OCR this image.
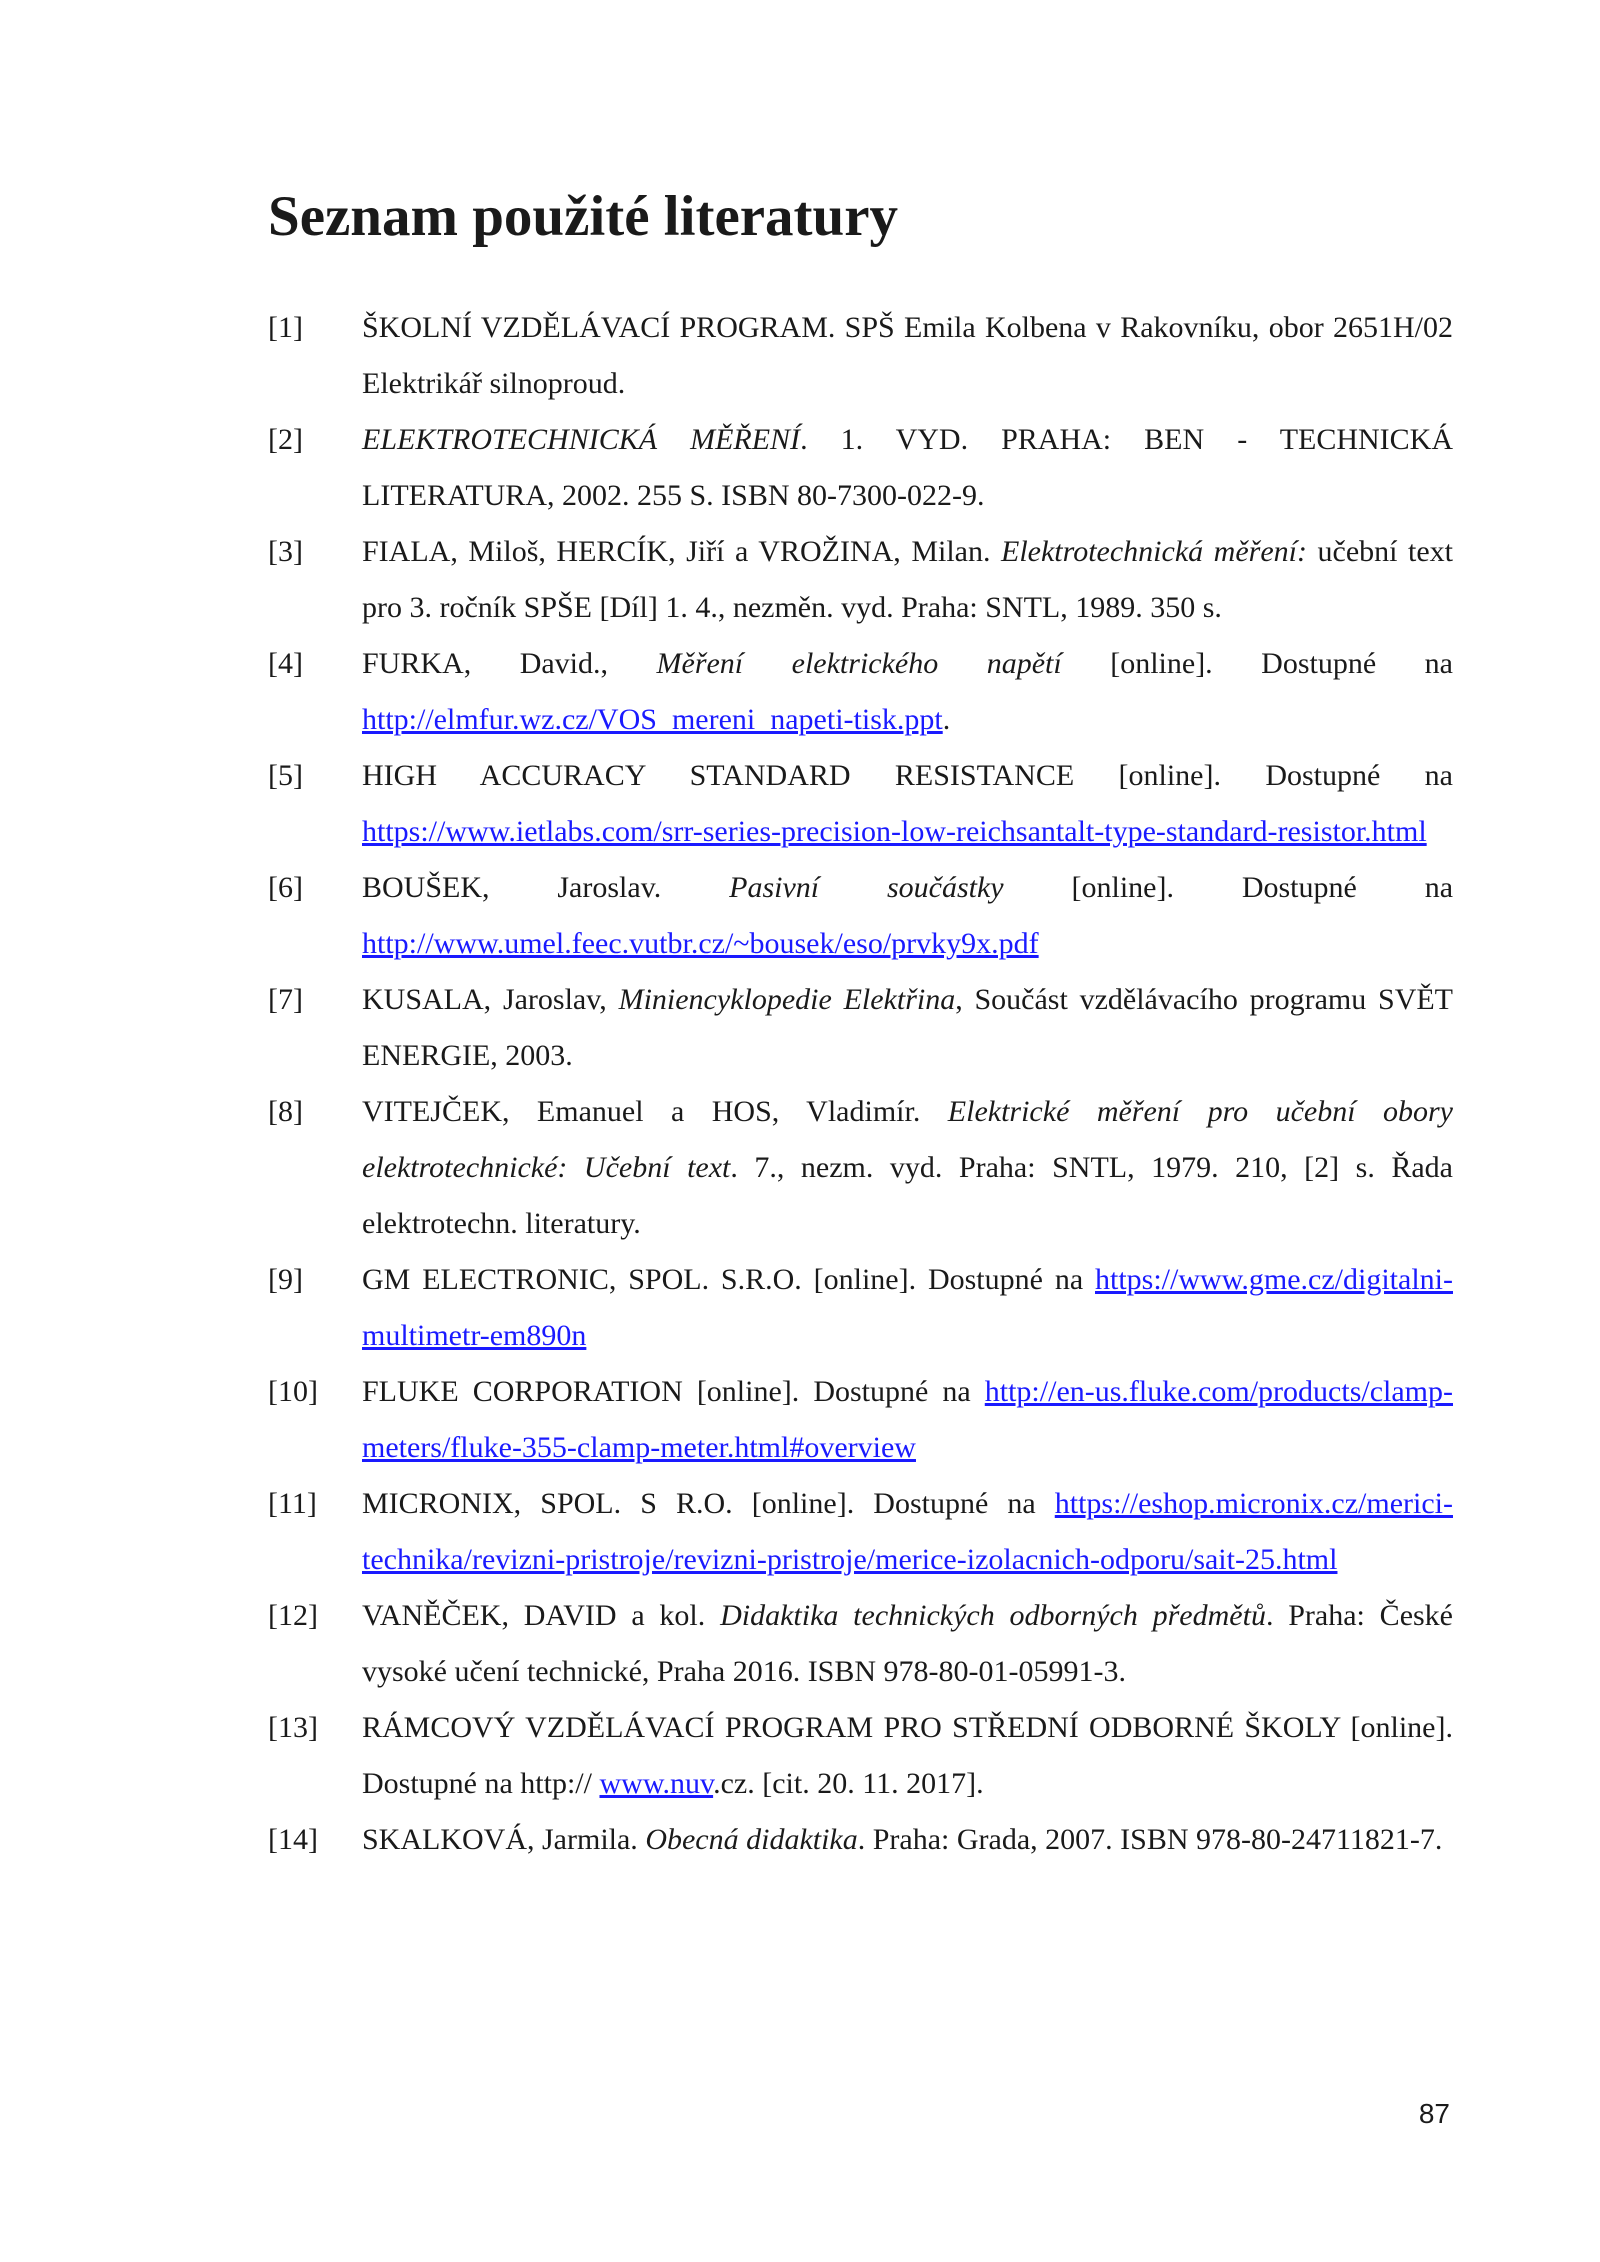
Seznam použité literatury
[1]	ŠKOLNÍ VZDĚLÁVACÍ PROGRAM. SPŠ Emila Kolbena v Rakovníku, obor 2651H/02 Elektrikář silnoproud.
[2]	ELEKTROTECHNICKÁ MĚŘENÍ. 1. VYD. PRAHA: BEN - TECHNICKÁ LITERATURA, 2002. 255 S. ISBN 80-7300-022-9.
[3]	FIALA, Miloš, HERCÍK, Jiří a VROŽINA, Milan. Elektrotechnická měření: učební text pro 3. ročník SPŠE [Díl] 1. 4., nezměn. vyd. Praha: SNTL, 1989. 350 s.
[4]	FURKA, David., Měření elektrického napětí [online]. Dostupné na http://elmfur.wz.cz/VOS_mereni_napeti-tisk.ppt.
[5]	HIGH ACCURACY STANDARD RESISTANCE [online]. Dostupné na https://www.ietlabs.com/srr-series-precision-low-reichsantalt-type-standard-resistor.html
[6]	BOUŠEK, Jaroslav. Pasivní součástky [online]. Dostupné na http://www.umel.feec.vutbr.cz/~bousek/eso/prvky9x.pdf
[7]	KUSALA, Jaroslav, Miniencyklopedie Elektřina, Součást vzdělávacího programu SVĚT ENERGIE, 2003.
[8]	VITEJČEK, Emanuel a HOS, Vladimír. Elektrické měření pro učební obory elektrotechnické: Učební text. 7., nezm. vyd. Praha: SNTL, 1979. 210, [2] s. Řada elektrotechn. literatury.
[9]	GM ELECTRONIC, SPOL. S.R.O. [online]. Dostupné na https://www.gme.cz/digitalni-multimetr-em890n
[10]	FLUKE CORPORATION [online]. Dostupné na http://en-us.fluke.com/products/clamp-meters/fluke-355-clamp-meter.html#overview
[11]	MICRONIX, SPOL. S R.O. [online]. Dostupné na https://eshop.micronix.cz/merici-technika/revizni-pristroje/revizni-pristroje/merice-izolacnich-odporu/sait-25.html
[12]	VANĚČEK, DAVID a kol. Didaktika technických odborných předmětů. Praha: České vysoké učení technické, Praha 2016. ISBN 978-80-01-05991-3.
[13]	RÁMCOVÝ VZDĚLÁVACÍ PROGRAM PRO STŘEDNÍ ODBORNÉ ŠKOLY [online]. Dostupné na http:// www.nuv.cz. [cit. 20. 11. 2017].
[14]	SKALKOVÁ, Jarmila. Obecná didaktika. Praha: Grada, 2007. ISBN 978-80-24711821-7.
87
